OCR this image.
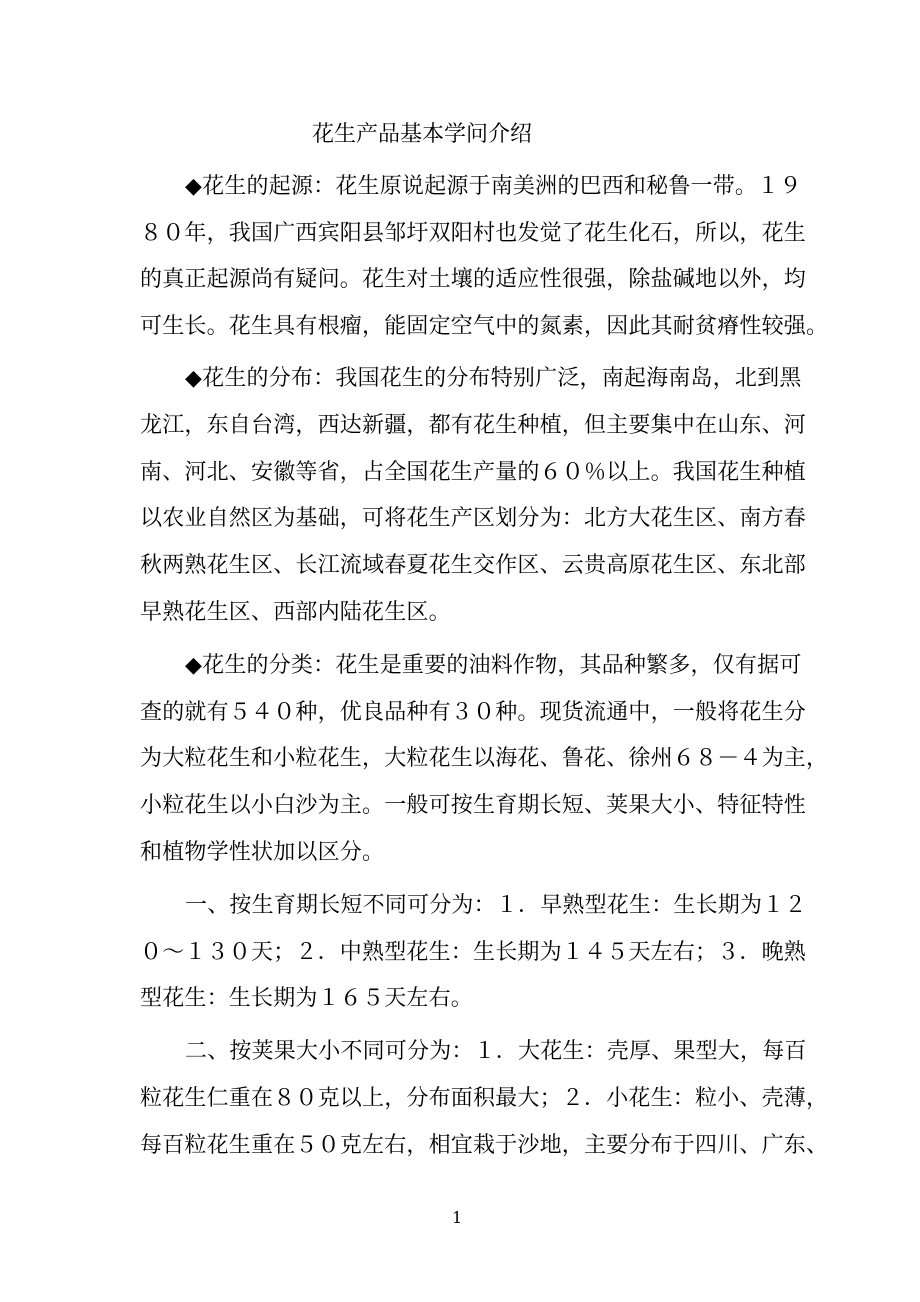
花生产品基本学问介绍
◆花生的起源：花生原说起源于南美洲的巴西和秘鲁一带。１９
８０年，我国广西宾阳县邹圩双阳村也发觉了花生化石，所以，花生
的真正起源尚有疑问。花生对土壤的适应性很强，除盐碱地以外，均
可生长。花生具有根瘤，能固定空气中的氮素，因此其耐贫瘠性较强。
◆花生的分布：我国花生的分布特别广泛，南起海南岛，北到黑
龙江，东自台湾，西达新疆，都有花生种植，但主要集中在山东、河
南、河北、安徽等省，占全国花生产量的６０％以上。我国花生种植
以农业自然区为基础，可将花生产区划分为：北方大花生区、南方春
秋两熟花生区、长江流域春夏花生交作区、云贵高原花生区、东北部
早熟花生区、西部内陆花生区。
◆花生的分类：花生是重要的油料作物，其品种繁多，仅有据可
查的就有５４０种，优良品种有３０种。现货流通中，一般将花生分
为大粒花生和小粒花生，大粒花生以海花、鲁花、徐州６８－４为主，
小粒花生以小白沙为主。一般可按生育期长短、荚果大小、特征特性
和植物学性状加以区分。
一、按生育期长短不同可分为：１．早熟型花生：生长期为１２
０～１３０天；２．中熟型花生：生长期为１４５天左右；３．晚熟
型花生：生长期为１６５天左右。
二、按荚果大小不同可分为：１．大花生：壳厚、果型大，每百
粒花生仁重在８０克以上，分布面积最大；２．小花生：粒小、壳薄，
每百粒花生重在５０克左右，相宜栽于沙地，主要分布于四川、广东、
1
